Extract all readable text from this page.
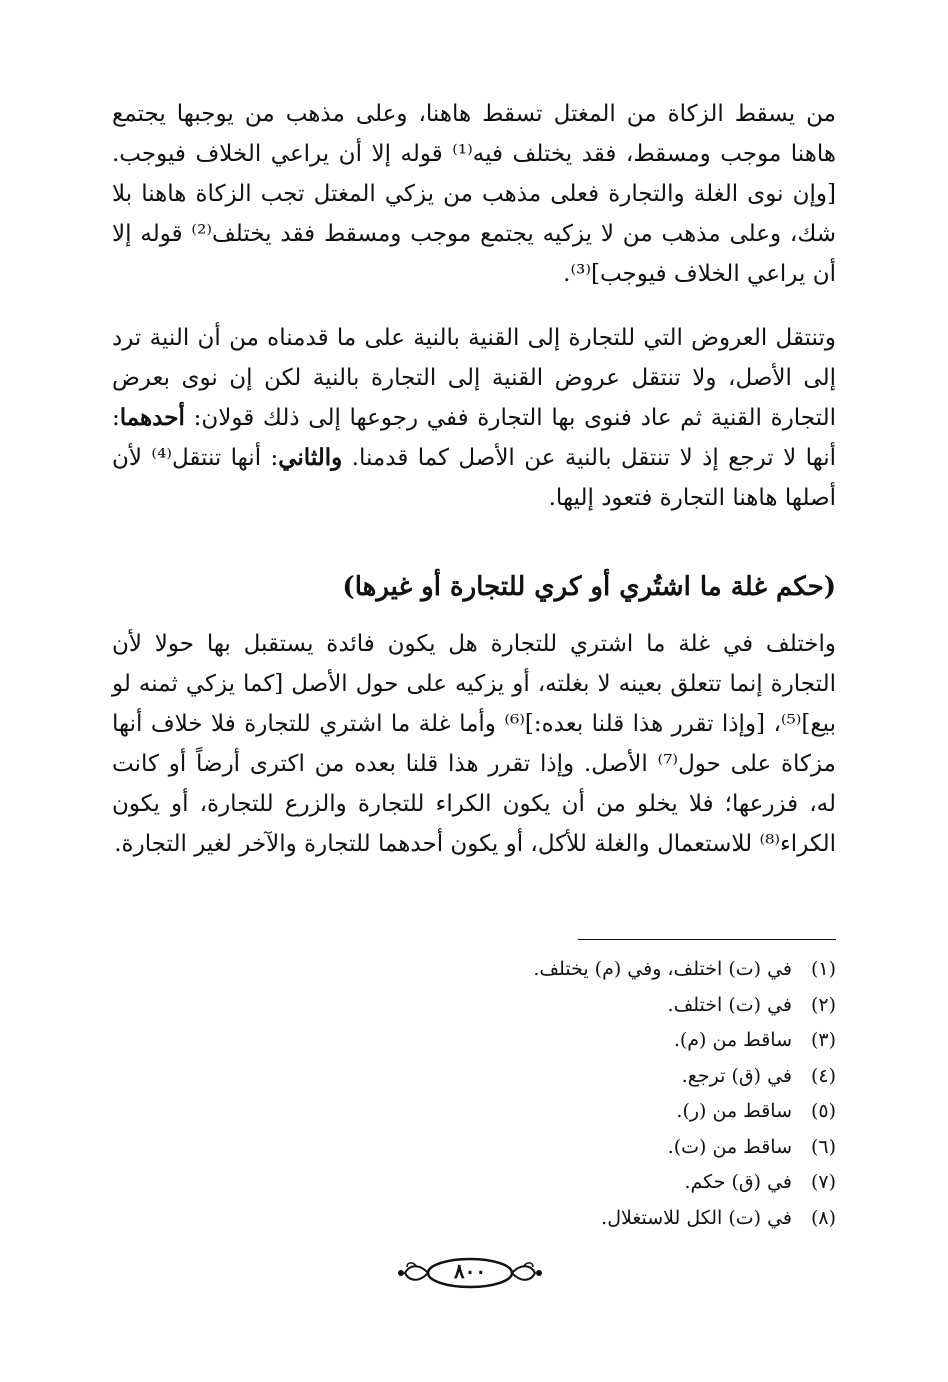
من يسقط الزكاة من المغتل تسقط هاهنا، وعلى مذهب من يوجبها يجتمع هاهنا موجب ومسقط، فقد يختلف فيه⁽¹⁾ قوله إلا أن يراعي الخلاف فيوجب. [وإن نوى الغلة والتجارة فعلى مذهب من يزكي المغتل تجب الزكاة هاهنا بلا شك، وعلى مذهب من لا يزكيه يجتمع موجب ومسقط فقد يختلف⁽²⁾ قوله إلا أن يراعي الخلاف فيوجب]⁽³⁾.

وتنتقل العروض التي للتجارة إلى القنية بالنية على ما قدمناه من أن النية ترد إلى الأصل، ولا تنتقل عروض القنية إلى التجارة بالنية لكن إن نوى بعرض التجارة القنية ثم عاد فنوى بها التجارة ففي رجوعها إلى ذلك قولان: أحدهما: أنها لا ترجع إذ لا تنتقل بالنية عن الأصل كما قدمنا. والثاني: أنها تنتقل⁽⁴⁾ لأن أصلها هاهنا التجارة فتعود إليها.

(حكم غلة ما اشتُري أو كري للتجارة أو غيرها)

واختلف في غلة ما اشتري للتجارة هل يكون فائدة يستقبل بها حولا لأن التجارة إنما تتعلق بعينه لا بغلته، أو يزكيه على حول الأصل [كما يزكي ثمنه لو بيع]⁽⁵⁾، [وإذا تقرر هذا قلنا بعده:]⁽⁶⁾ وأما غلة ما اشتري للتجارة فلا خلاف أنها مزكاة على حول⁽⁷⁾ الأصل. وإذا تقرر هذا قلنا بعده من اكترى أرضاً أو كانت له، فزرعها؛ فلا يخلو من أن يكون الكراء للتجارة والزرع للتجارة، أو يكون الكراء⁽⁸⁾ للاستعمال والغلة للأكل، أو يكون أحدهما للتجارة والآخر لغير التجارة.

(١)في (ت) اختلف، وفي (م) يختلف.
(٢)في (ت) اختلف.
(٣)ساقط من (م).
(٤)في (ق) ترجع.
(٥)ساقط من (ر).
(٦)ساقط من (ت).
(٧)في (ق) حكم.
(٨)في (ت) الكل للاستغلال.
٨٠٠
